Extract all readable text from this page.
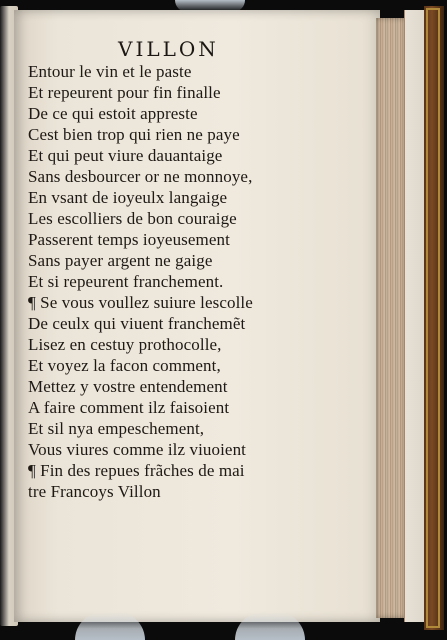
VILLON
Entour le vin et le paste
Et repeurent pour fin finalle
De ce qui estoit appreste
Cest bien trop qui rien ne paye
Et qui peut viure dauantaige
Sans desbourcer or ne monnoye,
En vsant de ioyeulx langaige
Les escolliers de bon couraige
Passerent temps ioyeusement
Sans payer argent ne gaige
Et si repeurent franchement.
¶ Se vous voullez suiure lescolle
De ceulx qui viuent franchemẽt
Lisez en cestuy prothocolle,
Et voyez la facon comment,
Mettez y vostre entendement
A faire comment ilz faisoient
Et sil nya empeschement,
Vous viures comme ilz viuoient
¶ Fin des repues frãches de mai
tre Francoys Villon
